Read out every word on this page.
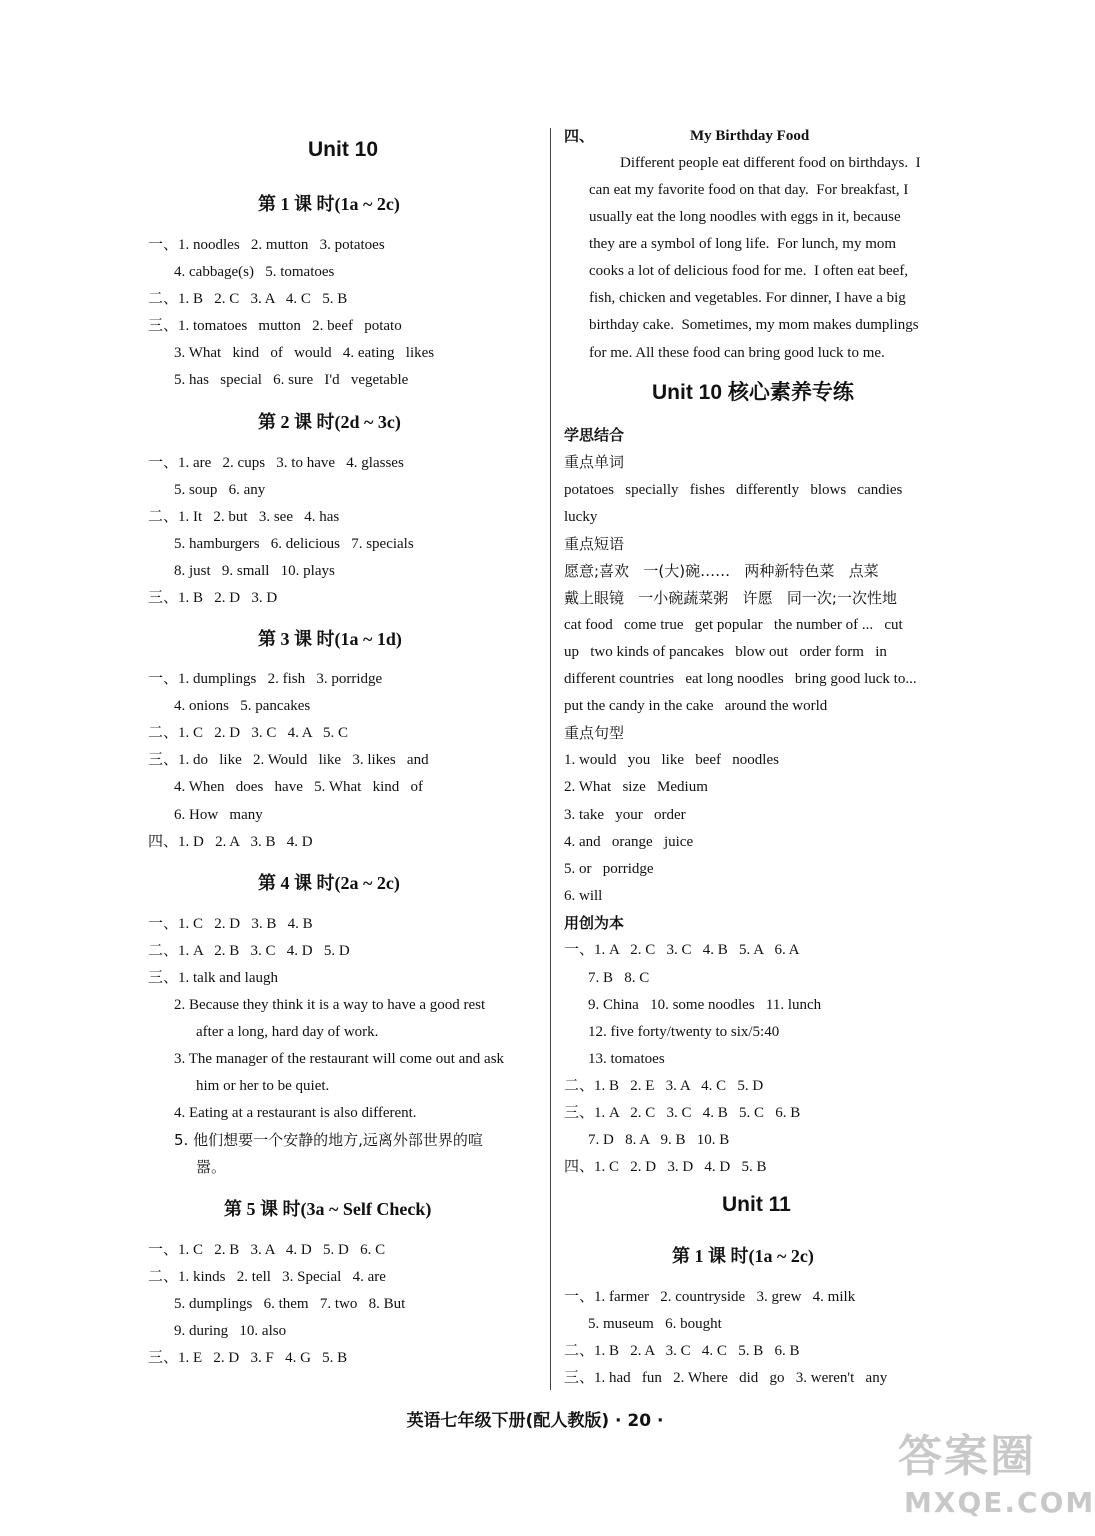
Unit 10
第 1 课 时(1a ~ 2c)
一、1. noodles   2. mutton   3. potatoes
4. cabbage(s)   5. tomatoes
二、1. B   2. C   3. A   4. C   5. B
三、1. tomatoes   mutton   2. beef   potato
3. What   kind   of   would   4. eating   likes
5. has   special   6. sure   I'd   vegetable
第 2 课 时(2d ~ 3c)
一、1. are   2. cups   3. to have   4. glasses
5. soup   6. any
二、1. It   2. but   3. see   4. has
5. hamburgers   6. delicious   7. specials
8. just   9. small   10. plays
三、1. B   2. D   3. D
第 3 课 时(1a ~ 1d)
一、1. dumplings   2. fish   3. porridge
4. onions   5. pancakes
二、1. C   2. D   3. C   4. A   5. C
三、1. do   like   2. Would   like   3. likes   and
4. When   does   have   5. What   kind   of
6. How   many
四、1. D   2. A   3. B   4. D
第 4 课 时(2a ~ 2c)
一、1. C   2. D   3. B   4. B
二、1. A   2. B   3. C   4. D   5. D
三、1. talk and laugh
2. Because they think it is a way to have a good rest
after a long, hard day of work.
3. The manager of the restaurant will come out and ask
him or her to be quiet.
4. Eating at a restaurant is also different.
5. 他们想要一个安静的地方,远离外部世界的喧
嚣。
第 5 课 时(3a ~ Self Check)
一、1. C   2. B   3. A   4. D   5. D   6. C
二、1. kinds   2. tell   3. Special   4. are
5. dumplings   6. them   7. two   8. But
9. during   10. also
三、1. E   2. D   3. F   4. G   5. B
四、	My Birthday Food
Different people eat different food on birthdays.  I
can eat my favorite food on that day.  For breakfast, I
usually eat the long noodles with eggs in it, because
they are a symbol of long life.  For lunch, my mom
cooks a lot of delicious food for me.  I often eat beef,
fish, chicken and vegetables. For dinner, I have a big
birthday cake.  Sometimes, my mom makes dumplings
for me. All these food can bring good luck to me.
Unit 10 核心素养专练
学思结合
重点单词
potatoes   specially   fishes   differently   blows   candies
lucky
重点短语
愿意;喜欢   一(大)碗……   两种新特色菜   点菜
戴上眼镜   一小碗蔬菜粥   许愿   同一次;一次性地
cat food   come true   get popular   the number of ...   cut
up   two kinds of pancakes   blow out   order form   in
different countries   eat long noodles   bring good luck to...
put the candy in the cake   around the world
重点句型
1. would   you   like   beef   noodles
2. What   size   Medium
3. take   your   order
4. and   orange   juice
5. or   porridge
6. will
用创为本
一、1. A   2. C   3. C   4. B   5. A   6. A
7. B   8. C
9. China   10. some noodles   11. lunch
12. five forty/twenty to six/5:40
13. tomatoes
二、1. B   2. E   3. A   4. C   5. D
三、1. A   2. C   3. C   4. B   5. C   6. B
7. D   8. A   9. B   10. B
四、1. C   2. D   3. D   4. D   5. B
Unit 11
第 1 课 时(1a ~ 2c)
一、1. farmer   2. countryside   3. grew   4. milk
5. museum   6. bought
二、1. B   2. A   3. C   4. C   5. B   6. B
三、1. had   fun   2. Where   did   go   3. weren't   any
英语七年级下册(配人教版) · 20 ·
答案圈
MXQE.COM
